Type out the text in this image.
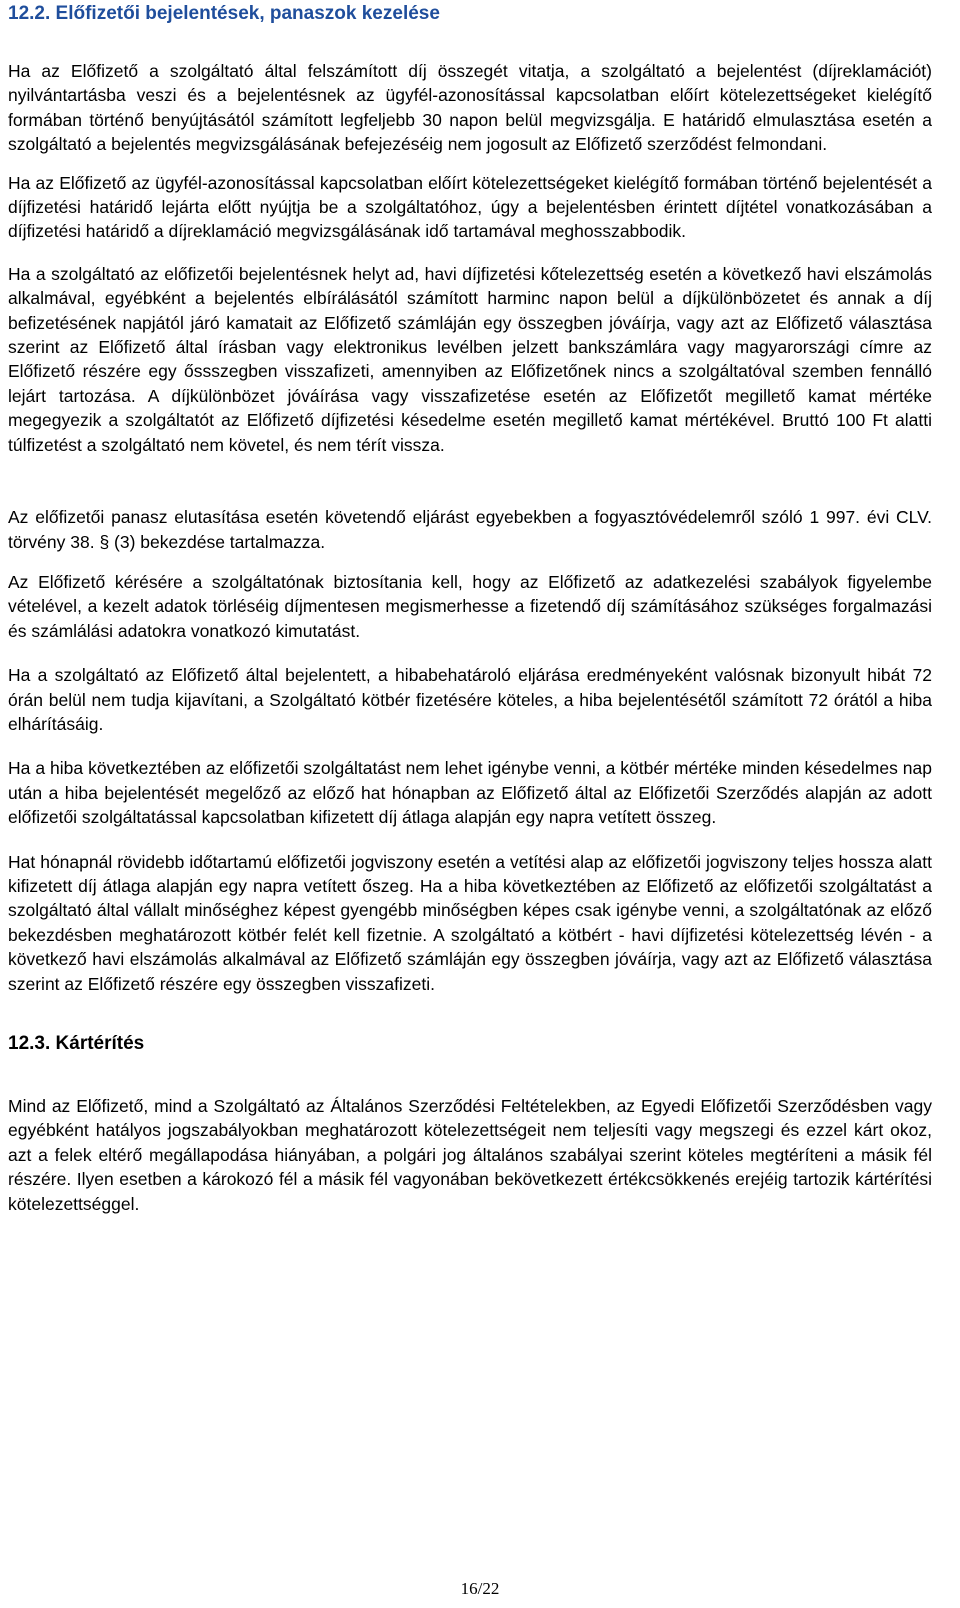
12.2. Előfizetői bejelentések, panaszok kezelése

Ha az Előfizető a szolgáltató által felszámított díj összegét vitatja, a szolgáltató a bejelentést (díjreklamációt) nyilvántartásba veszi és a bejelentésnek az ügyfél-azonosítással kapcsolatban előírt kötelezettségeket kielégítő formában történő benyújtásától számított legfeljebb 30 napon belül megvizsgálja. E határidő elmulasztása esetén a szolgáltató a bejelentés megvizsgálásának befejezéséig nem jogosult az Előfizető szerződést felmondani.

Ha az Előfizető az ügyfél-azonosítással kapcsolatban előírt kötelezettségeket kielégítő formában történő bejelentését a díjfizetési határidő lejárta előtt nyújtja be a szolgáltatóhoz, úgy a bejelentésben érintett díjtétel vonatkozásában a díjfizetési határidő a díjreklamáció megvizsgálásának idő tartamával meghosszabbodik.

Ha a szolgáltató az előfizetői bejelentésnek helyt ad, havi díjfizetési kőtelezettség esetén a következő havi elszámolás alkalmával, egyébként a bejelentés elbírálásától számított harminc napon belül a díjkülönbözetet és annak a díj befizetésének napjától járó kamatait az Előfizető számláján egy összegben jóváírja, vagy azt az Előfizető választása szerint az Előfizető által írásban vagy elektronikus levélben jelzett bankszámlára vagy magyarországi címre az Előfizető részére egy őssszegben visszafizeti, amennyiben az Előfizetőnek nincs a szolgáltatóval szemben fennálló lejárt tartozása. A díjkülönbözet jóváírása vagy visszafizetése esetén az Előfizetőt megillető kamat mértéke megegyezik a szolgáltatót az Előfizető díjfizetési késedelme esetén megillető kamat mértékével. Bruttó 100 Ft alatti túlfizetést a szolgáltató nem követel, és nem térít vissza.

Az előfizetői panasz elutasítása esetén követendő eljárást egyebekben a fogyasztóvédelemről szóló 1 997. évi CLV. törvény 38. § (3) bekezdése tartalmazza.

Az Előfizető kérésére a szolgáltatónak biztosítania kell, hogy az Előfizető az adatkezelési szabályok figyelembe vételével, a kezelt adatok törléséig díjmentesen megismerhesse a fizetendő díj számításához szükséges forgalmazási és számlálási adatokra vonatkozó kimutatást.

Ha a szolgáltató az Előfizető által bejelentett, a hibabehatároló eljárása eredményeként valósnak bizonyult hibát 72 órán belül nem tudja kijavítani, a Szolgáltató kötbér fizetésére köteles, a hiba bejelentésétől számított 72 órától a hiba elhárításáig.

Ha a hiba következtében az előfizetői szolgáltatást nem lehet igénybe venni, a kötbér mértéke minden késedelmes nap után a hiba bejelentését megelőző az előző hat hónapban az Előfizető által az Előfizetői Szerződés alapján az adott előfizetői szolgáltatással kapcsolatban kifizetett díj átlaga alapján egy napra vetített összeg.

Hat hónapnál rövidebb időtartamú előfizetői jogviszony esetén a vetítési alap az előfizetői jogviszony teljes hossza alatt kifizetett díj átlaga alapján egy napra vetített őszeg. Ha a hiba következtében az Előfizető az előfizetői szolgáltatást a szolgáltató által vállalt minőséghez képest gyengébb minőségben képes csak igénybe venni, a szolgáltatónak az előző bekezdésben meghatározott kötbér felét kell fizetnie. A szolgáltató a kötbért - havi díjfizetési kötelezettség lévén - a következő havi elszámolás alkalmával az Előfizető számláján egy összegben jóváírja, vagy azt az Előfizető választása szerint az Előfizető részére egy összegben visszafizeti.

12.3. Kártérítés

Mind az Előfizető, mind a Szolgáltató az Általános Szerződési Feltételekben, az Egyedi Előfizetői Szerződésben vagy egyébként hatályos jogszabályokban meghatározott kötelezettségeit nem teljesíti vagy megszegi és ezzel kárt okoz, azt a felek eltérő megállapodása hiányában, a polgári jog általános szabályai szerint köteles megtéríteni a másik fél részére. Ilyen esetben a károkozó fél a másik fél vagyonában bekövetkezett értékcsökkenés erejéig tartozik kártérítési kötelezettséggel.

16/22
